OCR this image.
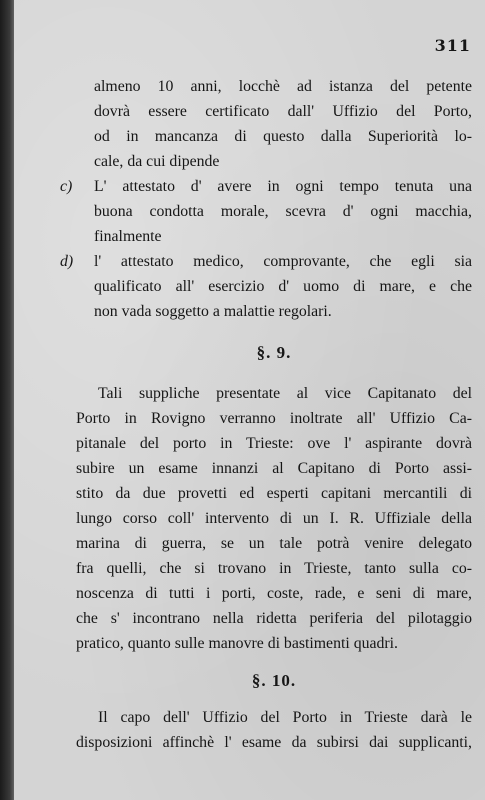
311
almeno 10 anni, locchè ad istanza del petente
dovrà essere certificato dall' Uffizio del Porto,
od in mancanza di questo dalla Superiorità lo-
cale, da cui dipende
c) L' attestato d' avere in ogni tempo tenuta una
buona condotta morale, scevra d' ogni macchia,
finalmente
d) l' attestato medico, comprovante, che egli sia
qualificato all' esercizio d' uomo di mare, e che
non vada soggetto a malattie regolari.
§. 9.
Tali suppliche presentate al vice Capitanato del
Porto in Rovigno verranno inoltrate all' Uffizio Ca-
pitanale del porto in Trieste: ove l' aspirante dovrà
subire un esame innanzi al Capitano di Porto assi-
stito da due provetti ed esperti capitani mercantili di
lungo corso coll' intervento di un I. R. Uffiziale della
marina di guerra, se un tale potrà venire delegato
fra quelli, che si trovano in Trieste, tanto sulla co-
noscenza di tutti i porti, coste, rade, e seni di mare,
che s' incontrano nella ridetta periferia del pilotaggio
pratico, quanto sulle manovre di bastimenti quadri.
§. 10.
Il capo dell' Uffizio del Porto in Trieste darà le
disposizioni affinchè l' esame da subirsi dai supplicanti,
